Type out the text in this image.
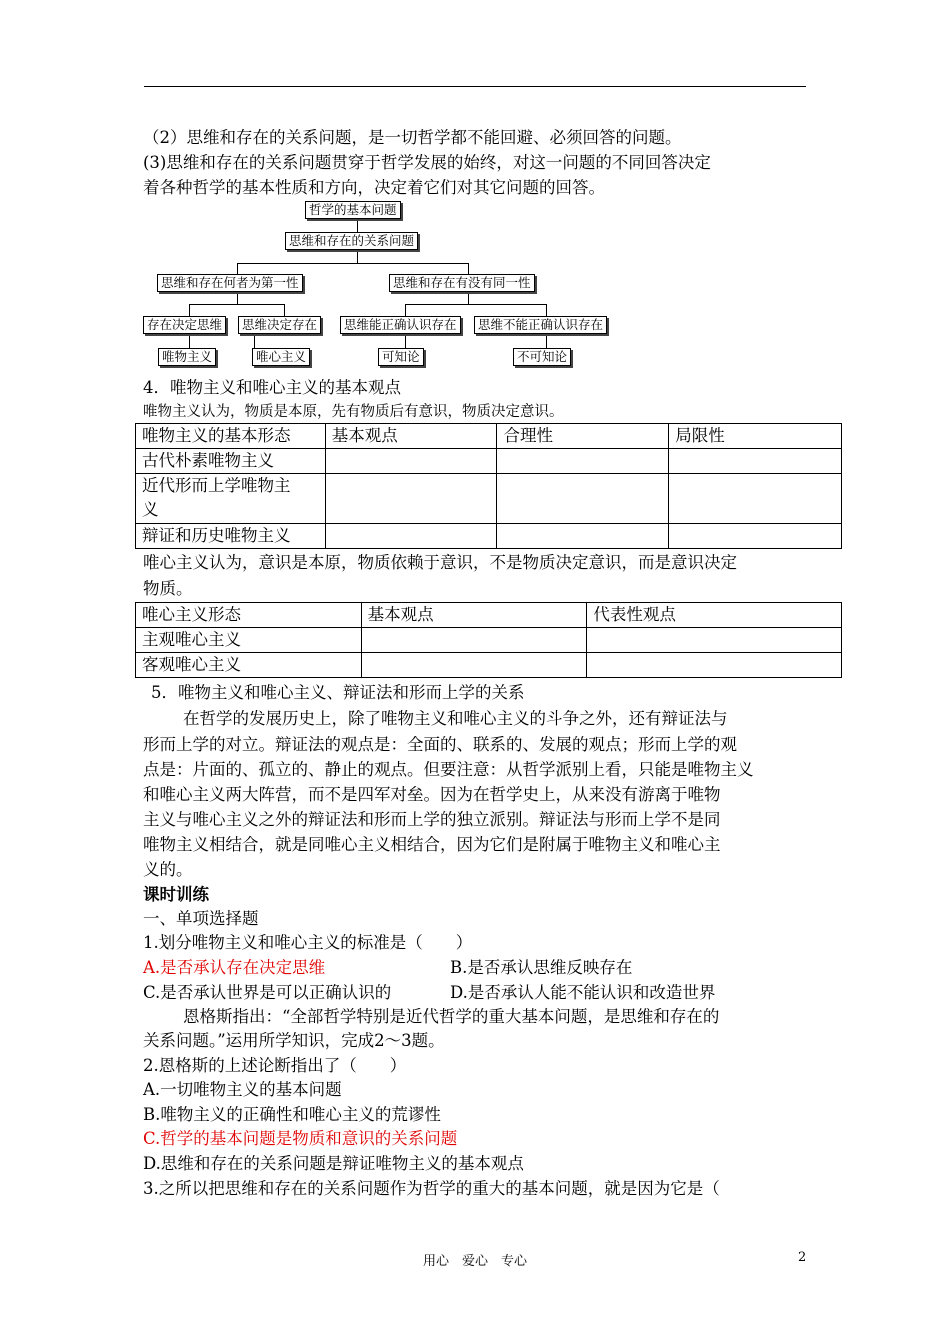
（2）思维和存在的关系问题，是一切哲学都不能回避、必须回答的问题。
(3)思维和存在的关系问题贯穿于哲学发展的始终，对这一问题的不同回答决定
着各种哲学的基本性质和方向，决定着它们对其它问题的回答。
哲学的基本问题
思维和存在的关系问题
思维和存在何者为第一性	思维和存在有没有同一性
存在决定思维	思维决定存在	思维能正确认识存在	思维不能正确认识存在
唯物主义	唯心主义	可知论	不可知论
4．唯物主义和唯心主义的基本观点
唯物主义认为，物质是本原，先有物质后有意识，物质决定意识。
唯物主义的基本形态	基本观点	合理性	局限性
古代朴素唯物主义			
近代形而上学唯物主
义			
辩证和历史唯物主义			
唯心主义认为，意识是本原，物质依赖于意识，不是物质决定意识，而是意识决定
物质。
唯心主义形态	基本观点	代表性观点
主观唯心主义		
客观唯心主义		
5．唯物主义和唯心主义、辩证法和形而上学的关系
在哲学的发展历史上，除了唯物主义和唯心主义的斗争之外，还有辩证法与
形而上学的对立。辩证法的观点是：全面的、联系的、发展的观点；形而上学的观
点是：片面的、孤立的、静止的观点。但要注意：从哲学派别上看，只能是唯物主义
和唯心主义两大阵营，而不是四军对垒。因为在哲学史上，从来没有游离于唯物
主义与唯心主义之外的辩证法和形而上学的独立派别。辩证法与形而上学不是同
唯物主义相结合，就是同唯心主义相结合，因为它们是附属于唯物主义和唯心主
义的。
课时训练
一、单项选择题
1.划分唯物主义和唯心主义的标准是（　　）
A.是否承认存在决定思维	B.是否承认思维反映存在
C.是否承认世界是可以正确认识的	D.是否承认人能不能认识和改造世界
恩格斯指出：“全部哲学特别是近代哲学的重大基本问题，是思维和存在的
关系问题。”运用所学知识，完成2～3题。
2.恩格斯的上述论断指出了（　　）
A.一切唯物主义的基本问题
B.唯物主义的正确性和唯心主义的荒谬性
C.哲学的基本问题是物质和意识的关系问题
D.思维和存在的关系问题是辩证唯物主义的基本观点
3.之所以把思维和存在的关系问题作为哲学的重大的基本问题，就是因为它是（
用心　爱心　专心	2
